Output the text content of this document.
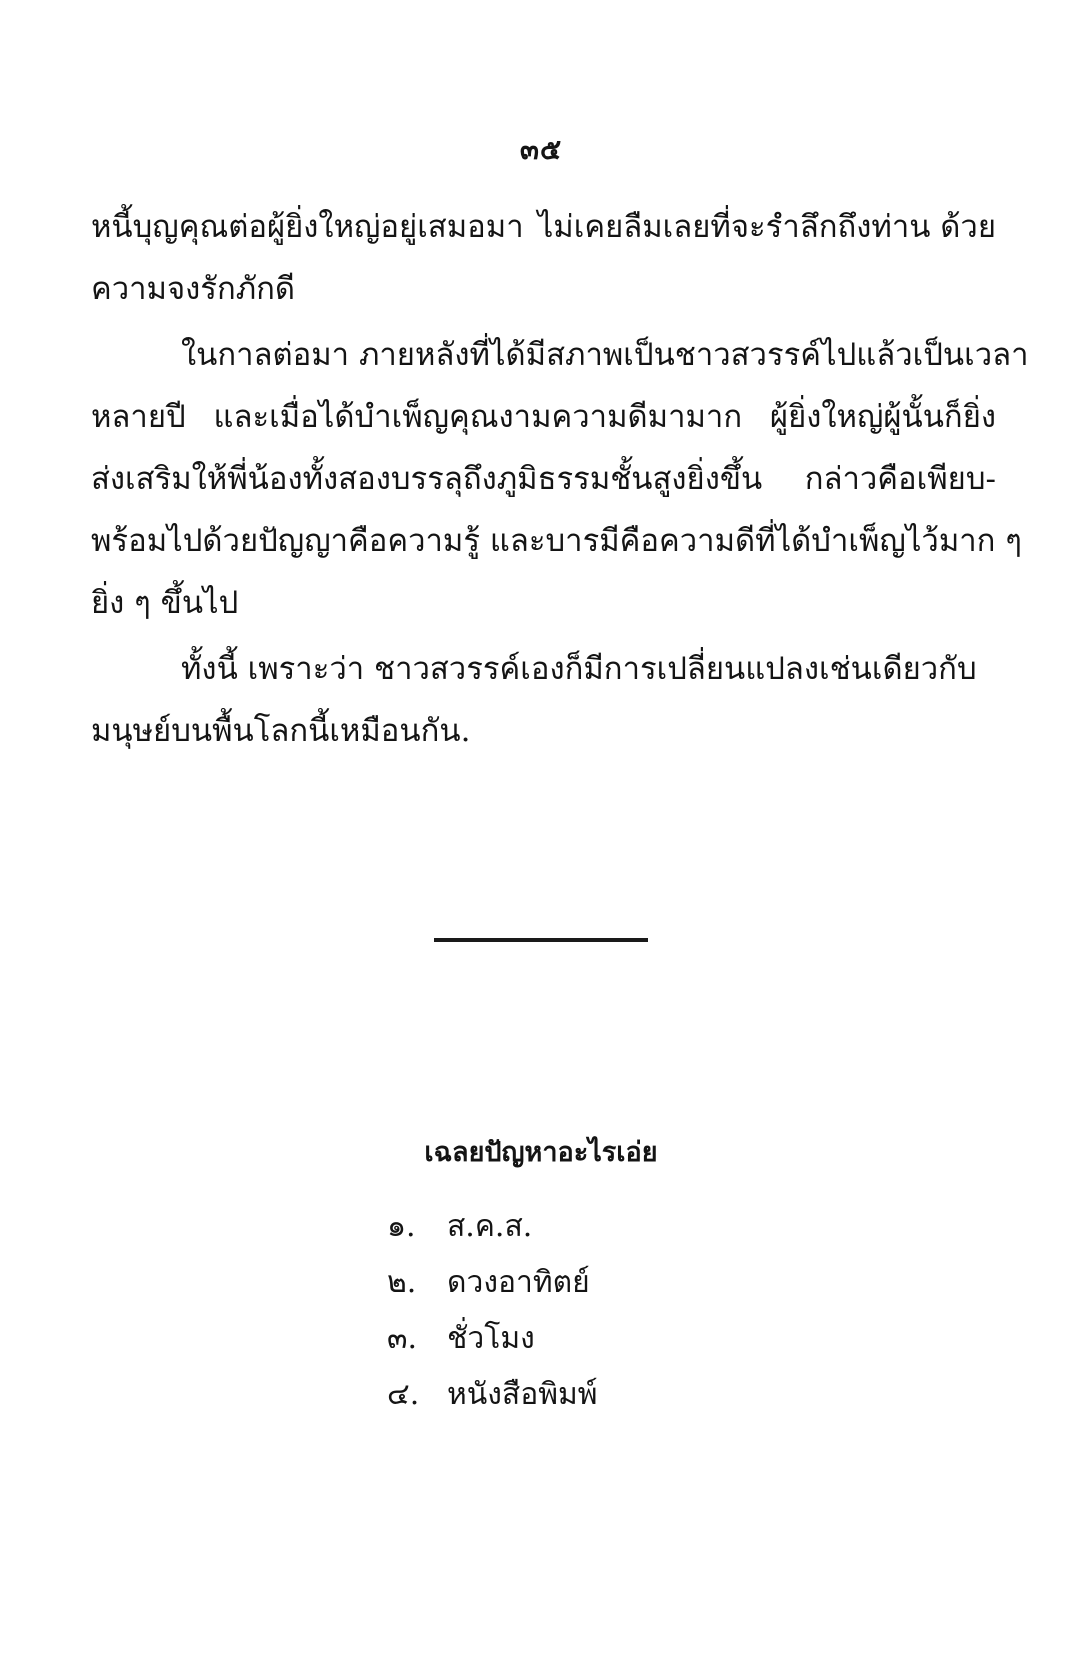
๓๕
หนี้บุญคุณต่อผู้ยิ่งใหญ่อยู่เสมอมา ไม่เคยลืมเลยที่จะรำลึกถึงท่าน ด้วย
ความจงรักภักดี
ในกาลต่อมา ภายหลังที่ได้มีสภาพเป็นชาวสวรรค์ไปแล้วเป็นเวลา
หลายปี และเมื่อได้บำเพ็ญคุณงามความดีมามาก ผู้ยิ่งใหญ่ผู้นั้นก็ยิ่ง
ส่งเสริมให้พี่น้องทั้งสองบรรลุถึงภูมิธรรมชั้นสูงยิ่งขึ้น กล่าวคือเพียบ-
พร้อมไปด้วยปัญญาคือความรู้ และบารมีคือความดีที่ได้บำเพ็ญไว้มาก ๆ
ยิ่ง ๆ ขึ้นไป
ทั้งนี้ เพราะว่า ชาวสวรรค์เองก็มีการเปลี่ยนแปลงเช่นเดียวกับ
มนุษย์บนพื้นโลกนี้เหมือนกัน.
เฉลยปัญหาอะไรเอ่ย
๑.	ส.ค.ส.
๒.	ดวงอาทิตย์
๓. ชั่วโมง
๔. หนังสือพิมพ์
